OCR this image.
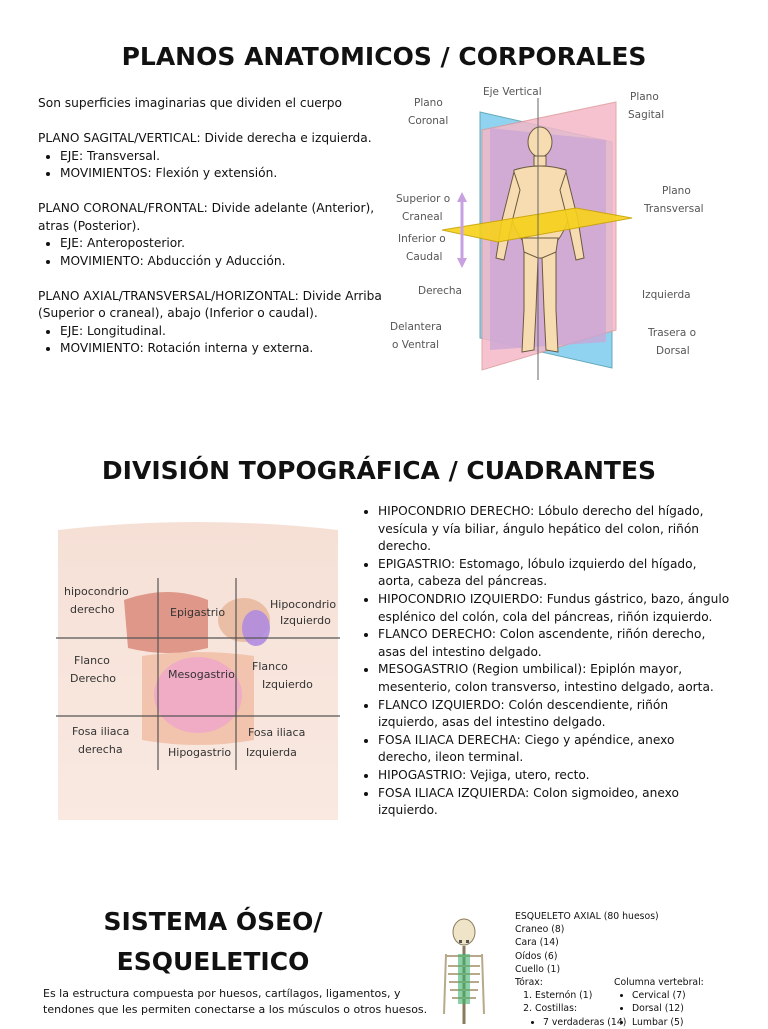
PLANOS ANATOMICOS / CORPORALES
Son superficies imaginarias que dividen el cuerpo
PLANO SAGITAL/VERTICAL: Divide derecha e izquierda.
• EJE: Transversal.
• MOVIMIENTOS: Flexión y extensión.
PLANO CORONAL/FRONTAL: Divide adelante (Anterior),
atras (Posterior).
• EJE: Anteroposterior.
• MOVIMIENTO: Abducción y Aducción.
PLANO AXIAL/TRANSVERSAL/HORIZONTAL: Divide Arriba
(Superior o craneal), abajo (Inferior o caudal).
• EJE: Longitudinal.
• MOVIMIENTO: Rotación interna y externa.
Eje Vertical
Plano
Coronal
Plano
Sagital
Superior o
Craneal
Inferior o
Caudal
Plano
Transversal
Derecha	Izquierda
Delantera
o Ventral
Trasera o
Dorsal
DIVISIÓN TOPOGRÁFICA / CUADRANTES
hipocondrio
derecho	Epigastrio
Hipocondrio
Izquierdo
Flanco
Derecho	Mesogastrio
Flanco
Izquierdo
Fosa iliaca
derecha	Hipogastrio
Fosa iliaca
Izquierda
• HIPOCONDRIO DERECHO: Lóbulo derecho del hígado, vesícula y vía biliar, ángulo hepático del colon, riñón derecho.
• EPIGASTRIO: Estomago, lóbulo izquierdo del hígado, aorta, cabeza del páncreas.
• HIPOCONDRIO IZQUIERDO: Fundus gástrico, bazo, ángulo esplénico del colón, cola del páncreas, riñón izquierdo.
• FLANCO DERECHO: Colon ascendente, riñón derecho, asas del intestino delgado.
• MESOGASTRIO (Region umbilical): Epiplón mayor, mesenterio, colon transverso, intestino delgado, aorta.
• FLANCO IZQUIERDO: Colón descendiente, riñón izquierdo, asas del intestino delgado.
• FOSA ILIACA DERECHA: Ciego y apéndice, anexo derecho, ileon terminal.
• HIPOGASTRIO: Vejiga, utero, recto.
• FOSA ILIACA IZQUIERDA: Colon sigmoideo, anexo izquierdo.
SISTEMA ÓSEO/
ESQUELETICO
Es la estructura compuesta por huesos, cartílagos, ligamentos, y
tendones que les permiten conectarse a los músculos o otros huesos.
ESQUELETO AXIAL (80 huesos)
Craneo (8)
Cara (14)
Oídos (6)
Cuello (1)
Tórax:
1. Esternón (1)
2. Costillas:
• 7 verdaderas (14)
Columna vertebral:
• Cervical (7)
• Dorsal (12)
• Lumbar (5)
